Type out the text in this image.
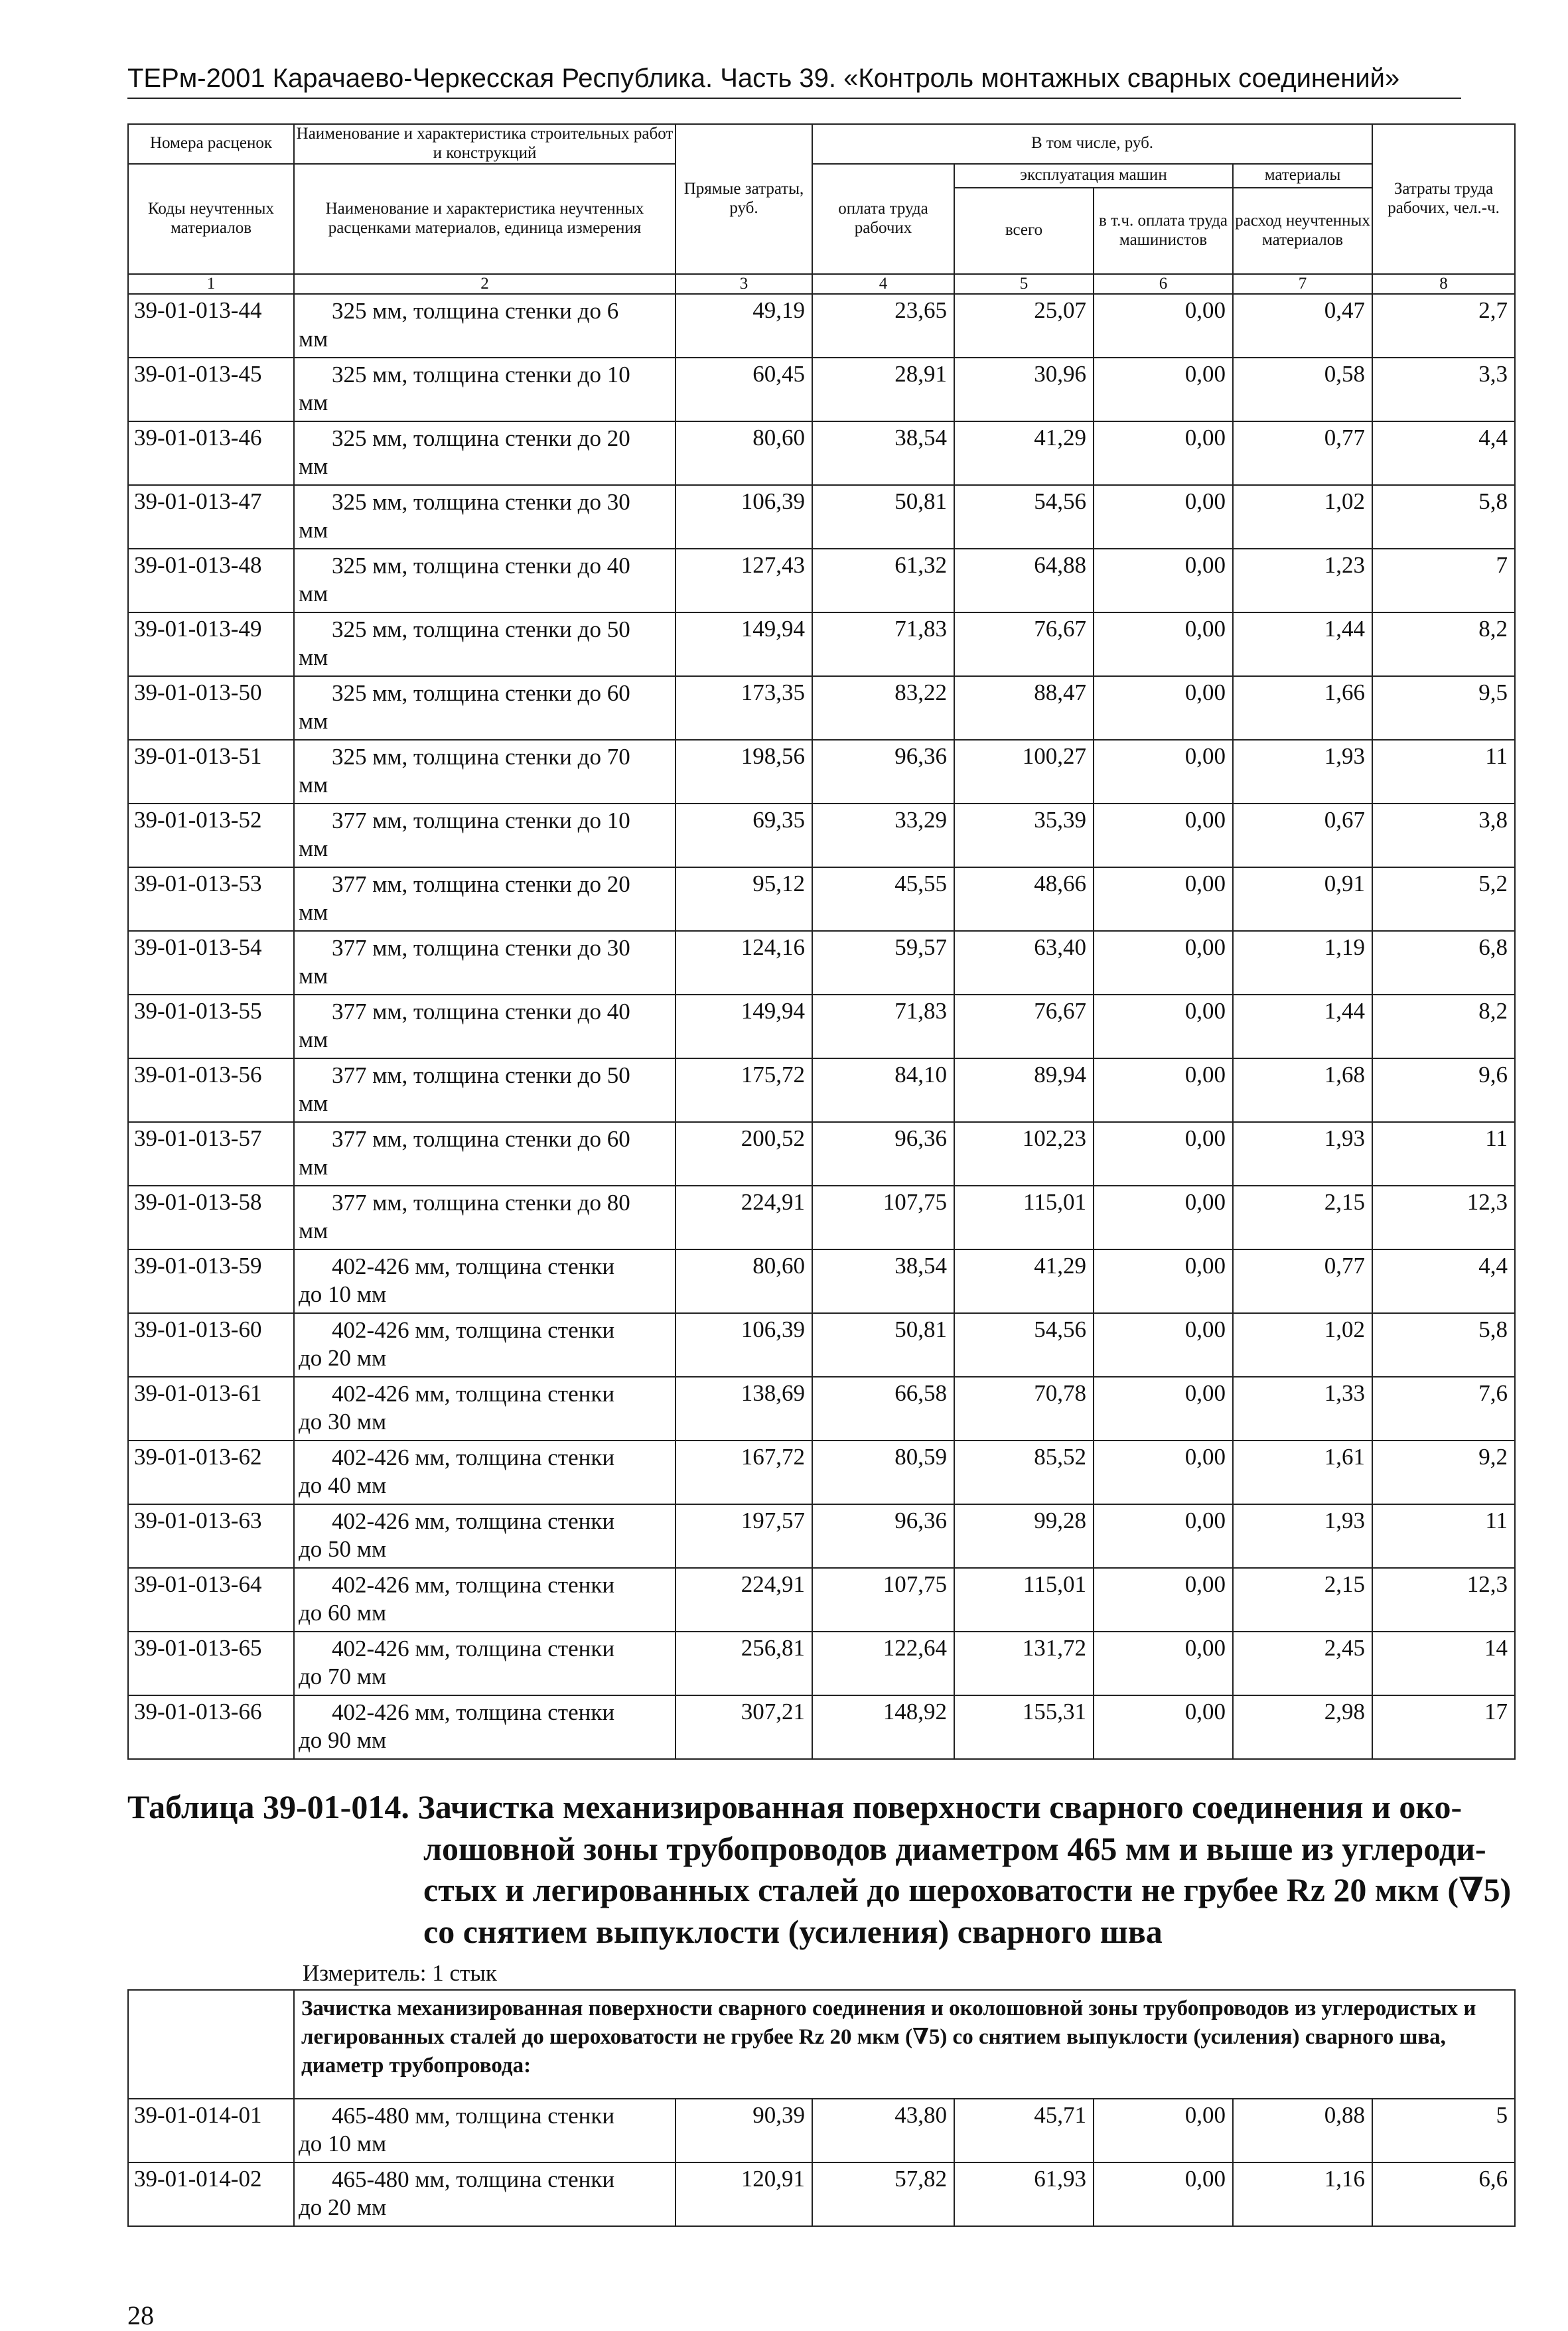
ТЕРм-2001 Карачаево-Черкесская Республика. Часть 39. «Контроль монтажных сварных соединений»
Номера расценок	Наименование и характеристика строительных работ и конструкций	Прямые затраты, руб.	В том числе, руб.				Затраты труда рабочих, чел.-ч.
Коды неучтенных материалов	Наименование и характеристика неучтенных расценками материалов, единица измерения		оплата труда рабочих	эксплуатация машин		материалы	
				всего	в т.ч. оплата труда машинистов	расход неучтенных материалов	

1	2	3	4	5	6	7	8
39-01-013-44	325 мм, толщина стенки до 6
мм	49,19	23,65	25,07	0,00	0,47	2,7
39-01-013-45	325 мм, толщина стенки до 10
мм	60,45	28,91	30,96	0,00	0,58	3,3
39-01-013-46	325 мм, толщина стенки до 20
мм	80,60	38,54	41,29	0,00	0,77	4,4
39-01-013-47	325 мм, толщина стенки до 30
мм	106,39	50,81	54,56	0,00	1,02	5,8
39-01-013-48	325 мм, толщина стенки до 40
мм	127,43	61,32	64,88	0,00	1,23	7
39-01-013-49	325 мм, толщина стенки до 50
мм	149,94	71,83	76,67	0,00	1,44	8,2
39-01-013-50	325 мм, толщина стенки до 60
мм	173,35	83,22	88,47	0,00	1,66	9,5
39-01-013-51	325 мм, толщина стенки до 70
мм	198,56	96,36	100,27	0,00	1,93	11
39-01-013-52	377 мм, толщина стенки до 10
мм	69,35	33,29	35,39	0,00	0,67	3,8
39-01-013-53	377 мм, толщина стенки до 20
мм	95,12	45,55	48,66	0,00	0,91	5,2
39-01-013-54	377 мм, толщина стенки до 30
мм	124,16	59,57	63,40	0,00	1,19	6,8
39-01-013-55	377 мм, толщина стенки до 40
мм	149,94	71,83	76,67	0,00	1,44	8,2
39-01-013-56	377 мм, толщина стенки до 50
мм	175,72	84,10	89,94	0,00	1,68	9,6
39-01-013-57	377 мм, толщина стенки до 60
мм	200,52	96,36	102,23	0,00	1,93	11
39-01-013-58	377 мм, толщина стенки до 80
мм	224,91	107,75	115,01	0,00	2,15	12,3
39-01-013-59	402-426 мм, толщина стенки
до 10 мм	80,60	38,54	41,29	0,00	0,77	4,4
39-01-013-60	402-426 мм, толщина стенки
до 20 мм	106,39	50,81	54,56	0,00	1,02	5,8
39-01-013-61	402-426 мм, толщина стенки
до 30 мм	138,69	66,58	70,78	0,00	1,33	7,6
39-01-013-62	402-426 мм, толщина стенки
до 40 мм	167,72	80,59	85,52	0,00	1,61	9,2
39-01-013-63	402-426 мм, толщина стенки
до 50 мм	197,57	96,36	99,28	0,00	1,93	11
39-01-013-64	402-426 мм, толщина стенки
до 60 мм	224,91	107,75	115,01	0,00	2,15	12,3
39-01-013-65	402-426 мм, толщина стенки
до 70 мм	256,81	122,64	131,72	0,00	2,45	14
39-01-013-66	402-426 мм, толщина стенки
до 90 мм	307,21	148,92	155,31	0,00	2,98	17
Таблица 39-01-014. Зачистка механизированная поверхности сварного соединения и око-
лошовной зоны трубопроводов диаметром 465 мм и выше из углероди-
стых и легированных сталей до шероховатости не грубее Rz 20 мкм (∇5)
со снятием выпуклости (усиления) сварного шва
Измеритель: 1 стык
	Зачистка механизированная поверхности сварного соединения и околошовной зоны трубопроводов из углеродистых и легированных сталей до шероховатости не грубее Rz 20 мкм (∇5) со снятием выпуклости (усиления) сварного шва, диаметр трубопровода:						
39-01-014-01	465-480 мм, толщина стенки
до 10 мм	90,39	43,80	45,71	0,00	0,88	5
39-01-014-02	465-480 мм, толщина стенки
до 20 мм	120,91	57,82	61,93	0,00	1,16	6,6
28
